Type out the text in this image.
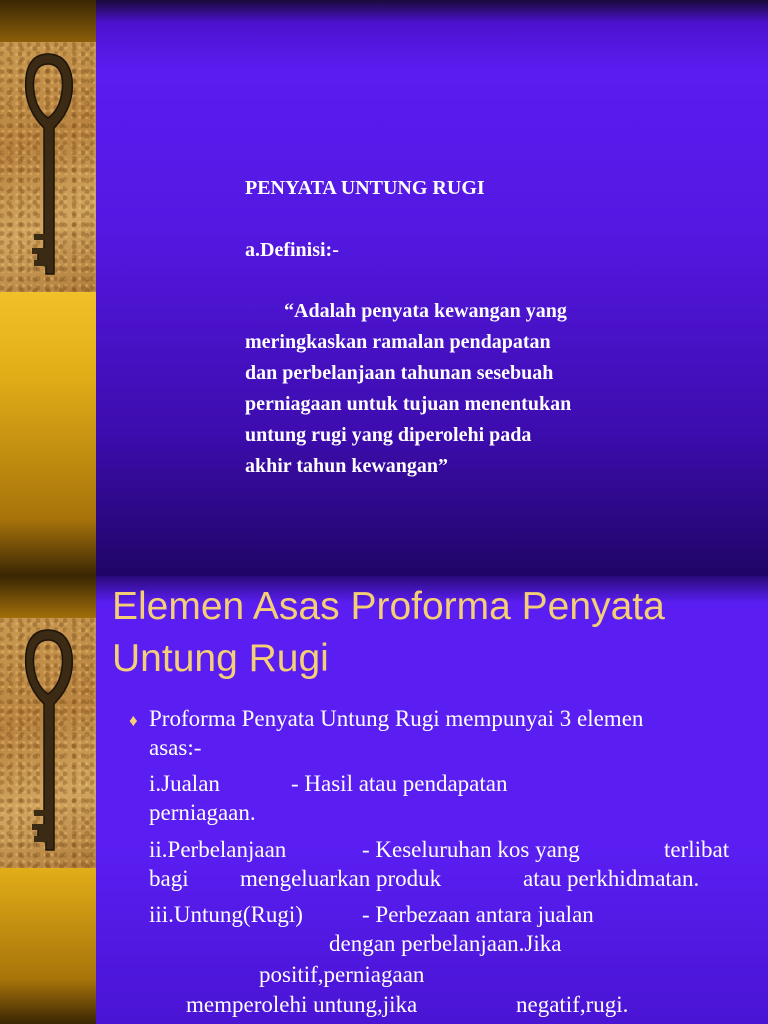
PENYATA UNTUNG RUGI
a.Definisi:-
“Adalah penyata kewangan yang
meringkaskan ramalan pendapatan
dan perbelanjaan tahunan sesebuah
perniagaan untuk tujuan menentukan
untung rugi yang diperolehi pada
akhir tahun kewangan”
Elemen Asas Proforma Penyata
Untung Rugi
♦ Proforma Penyata Untung Rugi mempunyai 3 elemen
asas:-
i.Jualan	- Hasil atau pendapatan
perniagaan.
ii.Perbelanjaan	- Keseluruhan kos yang	terlibat
bagi mengeluarkan produk	atau perkhidmatan.
iii.Untung(Rugi)	- Perbezaan antara jualan
dengan perbelanjaan.Jika
positif,perniagaan
memperolehi untung,jika	negatif,rugi.
